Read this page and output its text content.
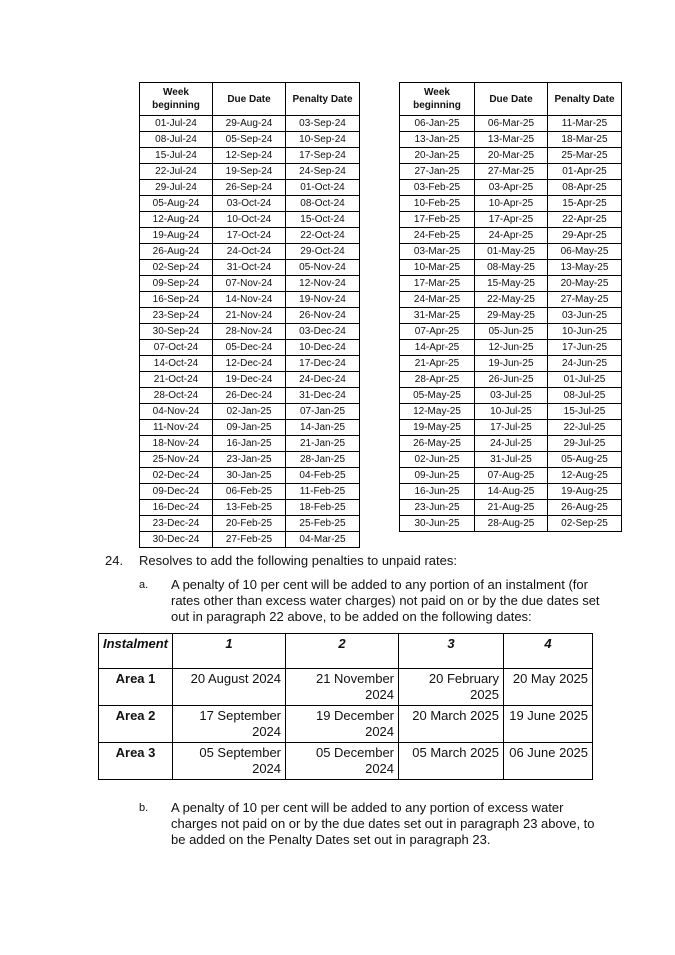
Week beginning	Due Date	Penalty Date
01-Jul-24	29-Aug-24	03-Sep-24
08-Jul-24	05-Sep-24	10-Sep-24
15-Jul-24	12-Sep-24	17-Sep-24
22-Jul-24	19-Sep-24	24-Sep-24
29-Jul-24	26-Sep-24	01-Oct-24
05-Aug-24	03-Oct-24	08-Oct-24
12-Aug-24	10-Oct-24	15-Oct-24
19-Aug-24	17-Oct-24	22-Oct-24
26-Aug-24	24-Oct-24	29-Oct-24
02-Sep-24	31-Oct-24	05-Nov-24
09-Sep-24	07-Nov-24	12-Nov-24
16-Sep-24	14-Nov-24	19-Nov-24
23-Sep-24	21-Nov-24	26-Nov-24
30-Sep-24	28-Nov-24	03-Dec-24
07-Oct-24	05-Dec-24	10-Dec-24
14-Oct-24	12-Dec-24	17-Dec-24
21-Oct-24	19-Dec-24	24-Dec-24
28-Oct-24	26-Dec-24	31-Dec-24
04-Nov-24	02-Jan-25	07-Jan-25
11-Nov-24	09-Jan-25	14-Jan-25
18-Nov-24	16-Jan-25	21-Jan-25
25-Nov-24	23-Jan-25	28-Jan-25
02-Dec-24	30-Jan-25	04-Feb-25
09-Dec-24	06-Feb-25	11-Feb-25
16-Dec-24	13-Feb-25	18-Feb-25
23-Dec-24	20-Feb-25	25-Feb-25
30-Dec-24	27-Feb-25	04-Mar-25
Week beginning	Due Date	Penalty Date
06-Jan-25	06-Mar-25	11-Mar-25
13-Jan-25	13-Mar-25	18-Mar-25
20-Jan-25	20-Mar-25	25-Mar-25
27-Jan-25	27-Mar-25	01-Apr-25
03-Feb-25	03-Apr-25	08-Apr-25
10-Feb-25	10-Apr-25	15-Apr-25
17-Feb-25	17-Apr-25	22-Apr-25
24-Feb-25	24-Apr-25	29-Apr-25
03-Mar-25	01-May-25	06-May-25
10-Mar-25	08-May-25	13-May-25
17-Mar-25	15-May-25	20-May-25
24-Mar-25	22-May-25	27-May-25
31-Mar-25	29-May-25	03-Jun-25
07-Apr-25	05-Jun-25	10-Jun-25
14-Apr-25	12-Jun-25	17-Jun-25
21-Apr-25	19-Jun-25	24-Jun-25
28-Apr-25	26-Jun-25	01-Jul-25
05-May-25	03-Jul-25	08-Jul-25
12-May-25	10-Jul-25	15-Jul-25
19-May-25	17-Jul-25	22-Jul-25
26-May-25	24-Jul-25	29-Jul-25
02-Jun-25	31-Jul-25	05-Aug-25
09-Jun-25	07-Aug-25	12-Aug-25
16-Jun-25	14-Aug-25	19-Aug-25
23-Jun-25	21-Aug-25	26-Aug-25
30-Jun-25	28-Aug-25	02-Sep-25
24. Resolves to add the following penalties to unpaid rates:
a. A penalty of 10 per cent will be added to any portion of an instalment (for rates other than excess water charges) not paid on or by the due dates set out in paragraph 22 above, to be added on the following dates:
Instalment	1	2	3	4
Area 1	20 August 2024	21 November 2024	20 February 2025	20 May 2025
Area 2	17 September 2024	19 December 2024	20 March 2025	19 June 2025
Area 3	05 September 2024	05 December 2024	05 March 2025	06 June 2025
b. A penalty of 10 per cent will be added to any portion of excess water charges not paid on or by the due dates set out in paragraph 23 above, to be added on the Penalty Dates set out in paragraph 23.
